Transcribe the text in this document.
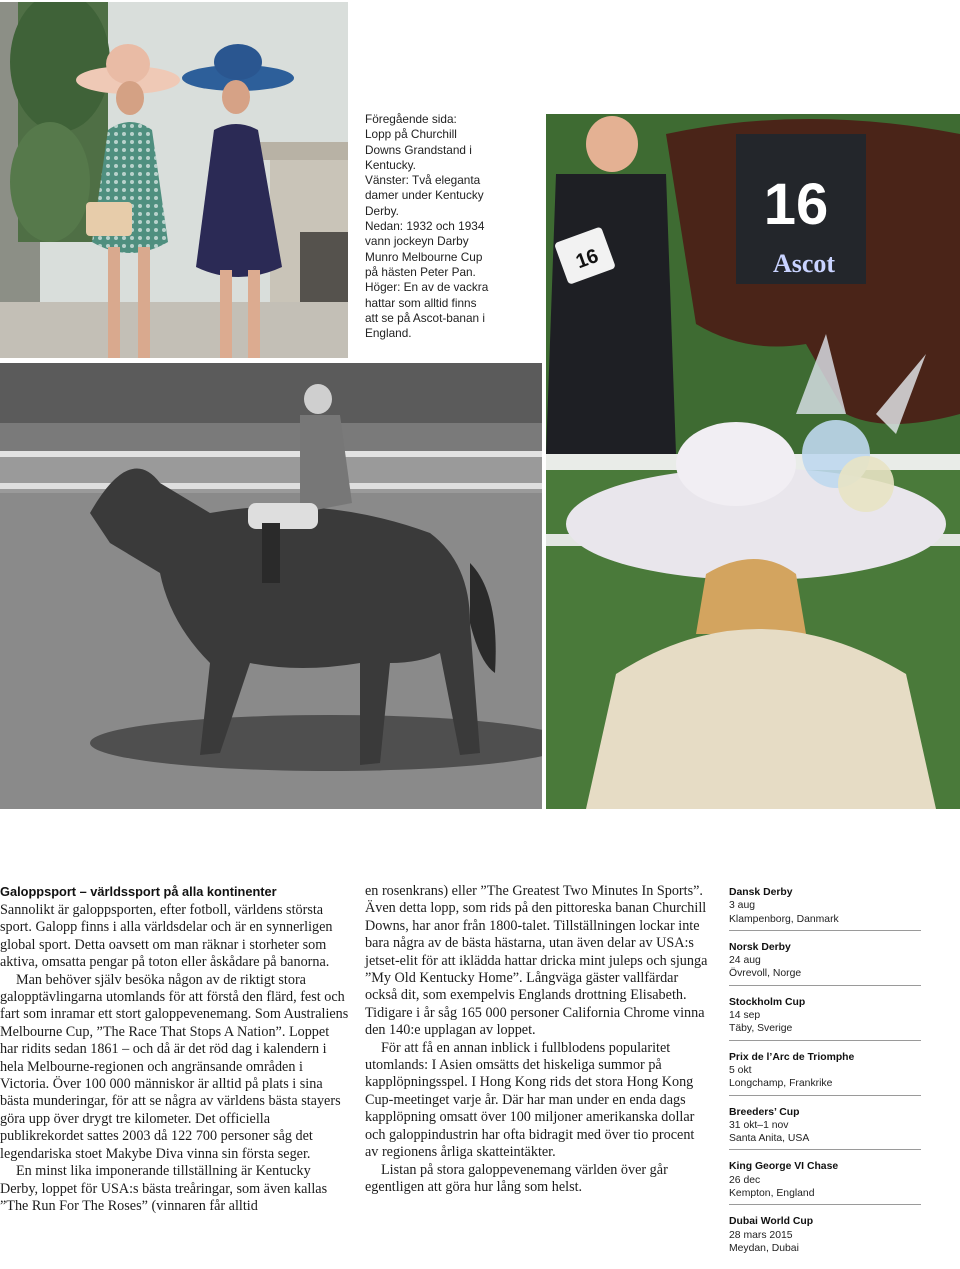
Föregående sida:

Lopp på Churchill

Downs Grandstand i

Kentucky.

Vänster: Två eleganta

damer under Kentucky

Derby.

Nedan: 1932 och 1934

vann jockeyn Darby

Munro Melbourne Cup

på hästen Peter Pan.

Höger: En av de vackra

hattar som alltid finns

att se på Ascot-banan i

England.

16
Ascot
16
Galoppsport – världssport på alla kontinenter

Sannolikt är galoppsporten, efter fotboll, världens största sport. Galopp finns i alla världsdelar och är en synnerligen global sport. Detta oavsett om man räknar i storheter som aktiva, omsatta pengar på toton eller åskådare på banorna.

Man behöver själv besöka någon av de riktigt stora galopptävlingarna utomlands för att förstå den flärd, fest och fart som inramar ett stort galoppevenemang. Som Australiens Melbourne Cup, ”The Race That Stops A Nation”. Loppet har ridits sedan 1861 – och då är det röd dag i kalendern i hela Melbourne-regionen och angränsande områden i Victoria. Över 100 000 människor är alltid på plats i sina bästa munderingar, för att se några av världens bästa stayers göra upp över drygt tre kilometer. Det officiella publikrekordet sattes 2003 då 122 700 personer såg det legendariska stoet Makybe Diva vinna sin första seger.

En minst lika imponerande tillställning är Kentucky Derby, loppet för USA:s bästa treåringar, som även kallas ”The Run For The Roses” (vinnaren får alltid

en rosenkrans) eller ”The Greatest Two Minutes In Sports”. Även detta lopp, som rids på den pittoreska banan Churchill Downs, har anor från 1800-talet. Tillställningen lockar inte bara några av de bästa hästarna, utan även delar av USA:s jetset-elit för att iklädda hattar dricka mint juleps och sjunga ”My Old Kentucky Home”. Långväga gäster vallfärdar också dit, som exempelvis Englands drottning Elisabeth. Tidigare i år såg 165 000 personer California Chrome vinna den 140:e upplagan av loppet.

För att få en annan inblick i fullblodens popularitet utomlands: I Asien omsätts det hiskeliga summor på kapplöpningsspel. I Hong Kong rids det stora Hong Kong Cup-meetinget varje år. Där har man under en enda dags kapplöpning omsatt över 100 miljoner amerikanska dollar och galoppindustrin har ofta bidragit med över tio procent av regionens årliga skatteintäkter.

Listan på stora galoppevenemang världen över går egentligen att göra hur lång som helst.

Dansk Derby
3 aug
Klampenborg, Danmark
Norsk Derby
24 aug
Övrevoll, Norge
Stockholm Cup
14 sep
Täby, Sverige
Prix de l’Arc de Triomphe
5 okt
Longchamp, Frankrike
Breeders’ Cup
31 okt–1 nov
Santa Anita, USA
King George VI Chase
26 dec
Kempton, England
Dubai World Cup
28 mars 2015
Meydan, Dubai
